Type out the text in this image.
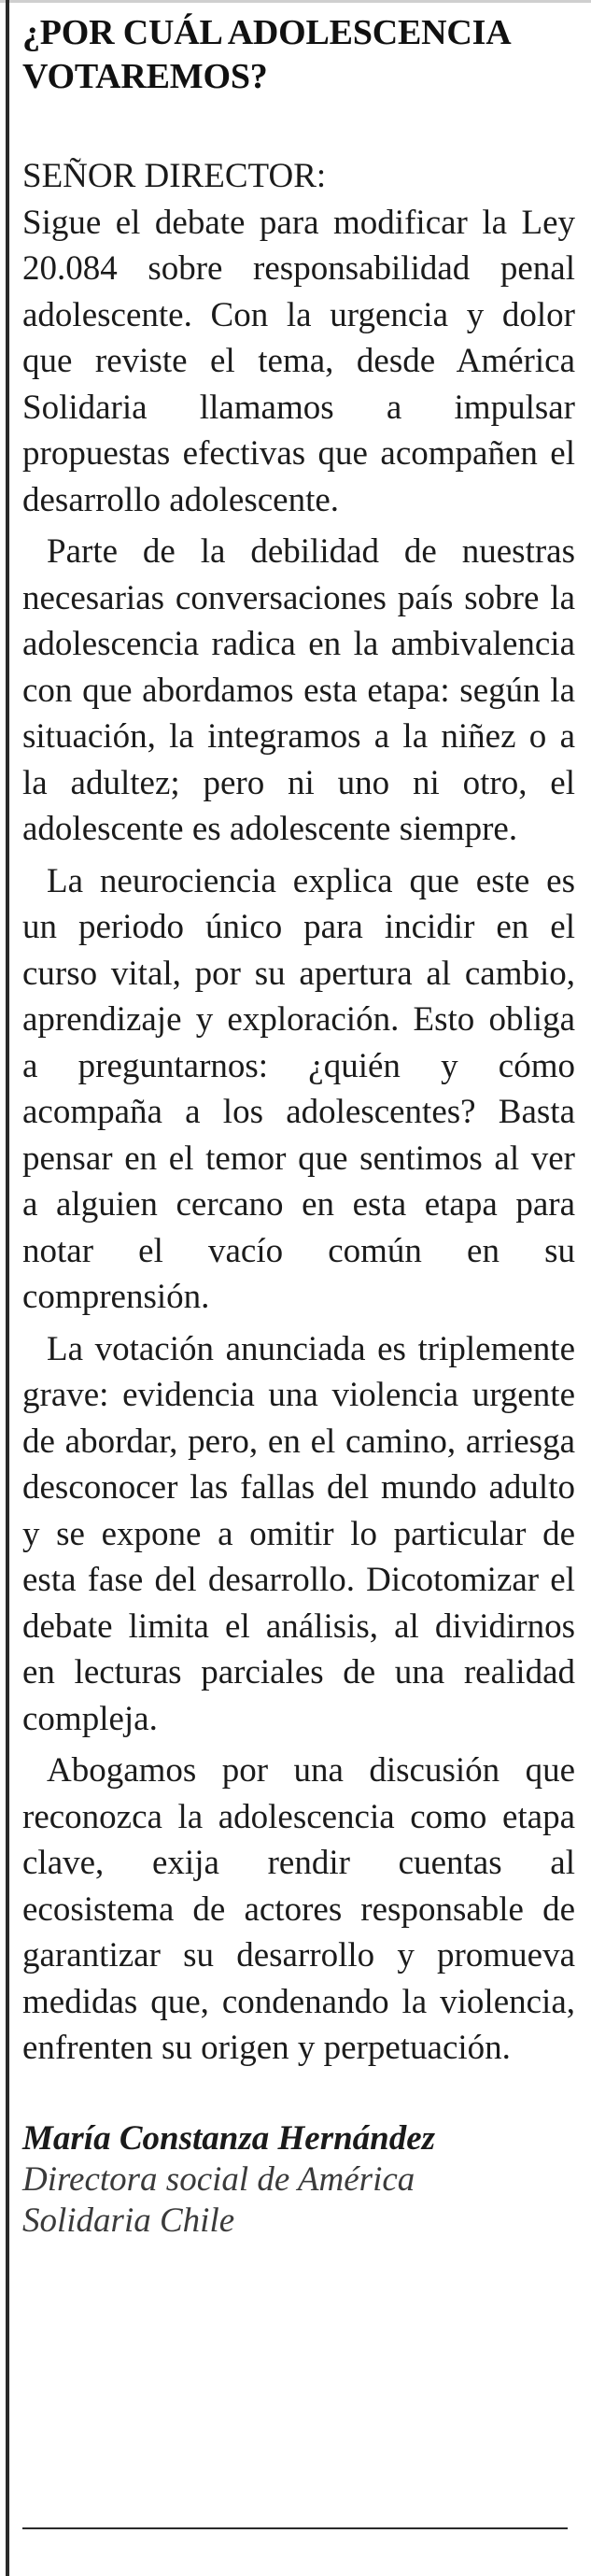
¿POR CUÁL ADOLESCENCIA VOTAREMOS?

SEÑOR DIRECTOR:

Sigue el debate para modificar la Ley 20.084 sobre responsabilidad penal adolescente. Con la urgencia y dolor que reviste el tema, desde América Solidaria llamamos a impulsar propuestas efectivas que acompañen el desarrollo adolescente.

Parte de la debilidad de nuestras necesarias conversaciones país sobre la adolescencia radica en la ambivalencia con que abordamos esta etapa: según la situación, la integramos a la niñez o a la adultez; pero ni uno ni otro, el adolescente es adolescente siempre.

La neurociencia explica que este es un periodo único para incidir en el curso vital, por su apertura al cambio, aprendizaje y exploración. Esto obliga a preguntarnos: ¿quién y cómo acompaña a los adolescentes? Basta pensar en el temor que sentimos al ver a alguien cercano en esta etapa para notar el vacío común en su comprensión.

La votación anunciada es triplemente grave: evidencia una violencia urgente de abordar, pero, en el camino, arriesga desconocer las fallas del mundo adulto y se expone a omitir lo particular de esta fase del desarrollo. Dicotomizar el debate limita el análisis, al dividirnos en lecturas parciales de una realidad compleja.

Abogamos por una discusión que reconozca la adolescencia como etapa clave, exija rendir cuentas al ecosistema de actores responsable de garantizar su desarrollo y promueva medidas que, condenando la violencia, enfrenten su origen y perpetuación.

María Constanza Hernández
Directora social de América
Solidaria Chile
